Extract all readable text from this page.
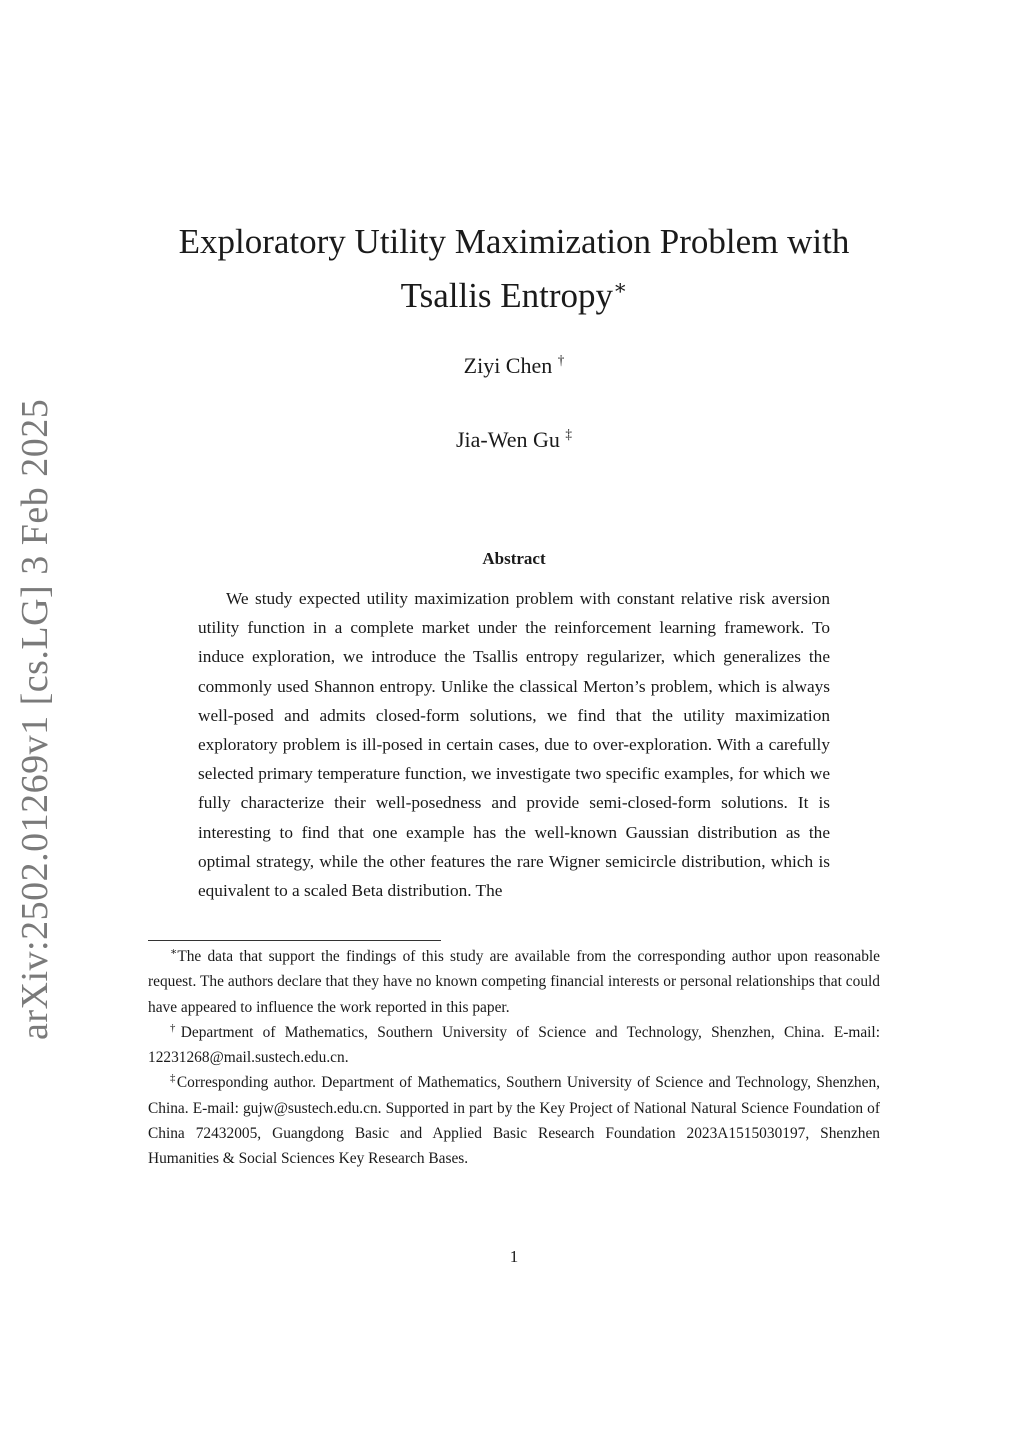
arXiv:2502.01269v1 [cs.LG] 3 Feb 2025
Exploratory Utility Maximization Problem with
Tsallis Entropy∗
Ziyi Chen †
Jia-Wen Gu ‡
Abstract

We study expected utility maximization problem with constant relative risk aversion utility function in a complete market under the reinforcement learning framework. To induce exploration, we introduce the Tsallis entropy regularizer, which generalizes the commonly used Shannon entropy. Unlike the classical Merton’s problem, which is always well-posed and admits closed-form solutions, we find that the utility maximization exploratory problem is ill-posed in certain cases, due to over-exploration. With a carefully selected primary temperature function, we investigate two specific examples, for which we fully characterize their well-posedness and provide semi-closed-form solutions. It is interesting to find that one example has the well-known Gaussian distribution as the optimal strategy, while the other features the rare Wigner semicircle distribution, which is equivalent to a scaled Beta distribution. The

∗The data that support the findings of this study are available from the corresponding author upon reasonable request. The authors declare that they have no known competing financial interests or personal relationships that could have appeared to influence the work reported in this paper.

†Department of Mathematics, Southern University of Science and Technology, Shenzhen, China. E-mail: 12231268@mail.sustech.edu.cn.

‡Corresponding author. Department of Mathematics, Southern University of Science and Technology, Shenzhen, China. E-mail: gujw@sustech.edu.cn. Supported in part by the Key Project of National Natural Science Foundation of China 72432005, Guangdong Basic and Applied Basic Research Foundation 2023A1515030197, Shenzhen Humanities & Social Sciences Key Research Bases.

1
